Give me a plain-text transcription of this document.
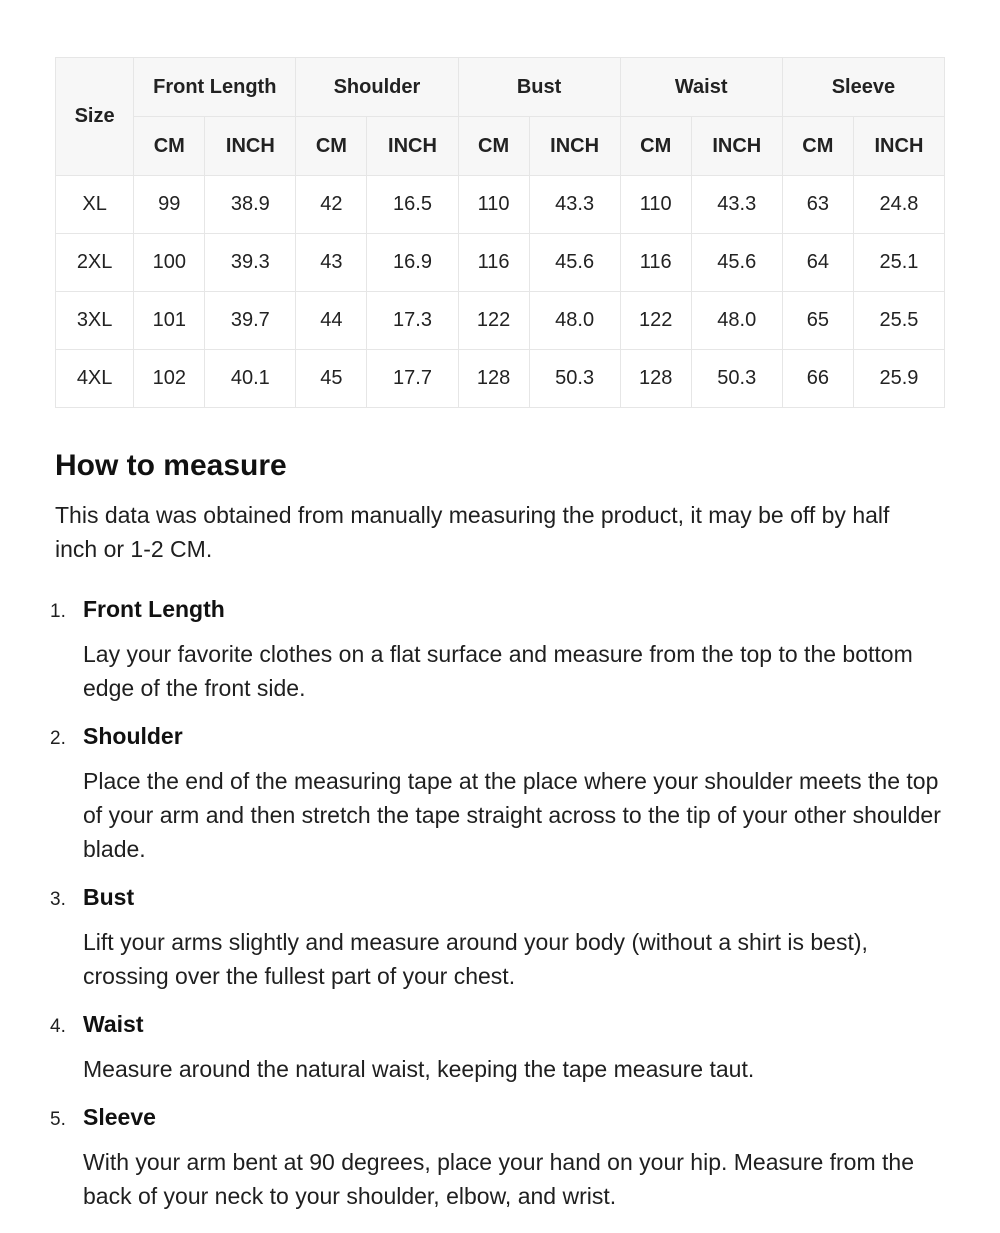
Size	Front Length		Shoulder		Bust		Waist		Sleeve	
	CM	INCH	CM	INCH	CM	INCH	CM	INCH	CM	INCH
XL	99	38.9	42	16.5	110	43.3	110	43.3	63	24.8
2XL	100	39.3	43	16.9	116	45.6	116	45.6	64	25.1
3XL	101	39.7	44	17.3	122	48.0	122	48.0	65	25.5
4XL	102	40.1	45	17.7	128	50.3	128	50.3	66	25.9
How to measure

This data was obtained from manually measuring the product, it may be off by half inch or 1-2 CM.

1. Front Length

Lay your favorite clothes on a flat surface and measure from the top to the bottom edge of the front side.

2. Shoulder

Place the end of the measuring tape at the place where your shoulder meets the top of your arm and then stretch the tape straight across to the tip of your other shoulder blade.

3. Bust

Lift your arms slightly and measure around your body (without a shirt is best), crossing over the fullest part of your chest.

4. Waist

Measure around the natural waist, keeping the tape measure taut.

5. Sleeve

With your arm bent at 90 degrees, place your hand on your hip. Measure from the back of your neck to your shoulder, elbow, and wrist.
